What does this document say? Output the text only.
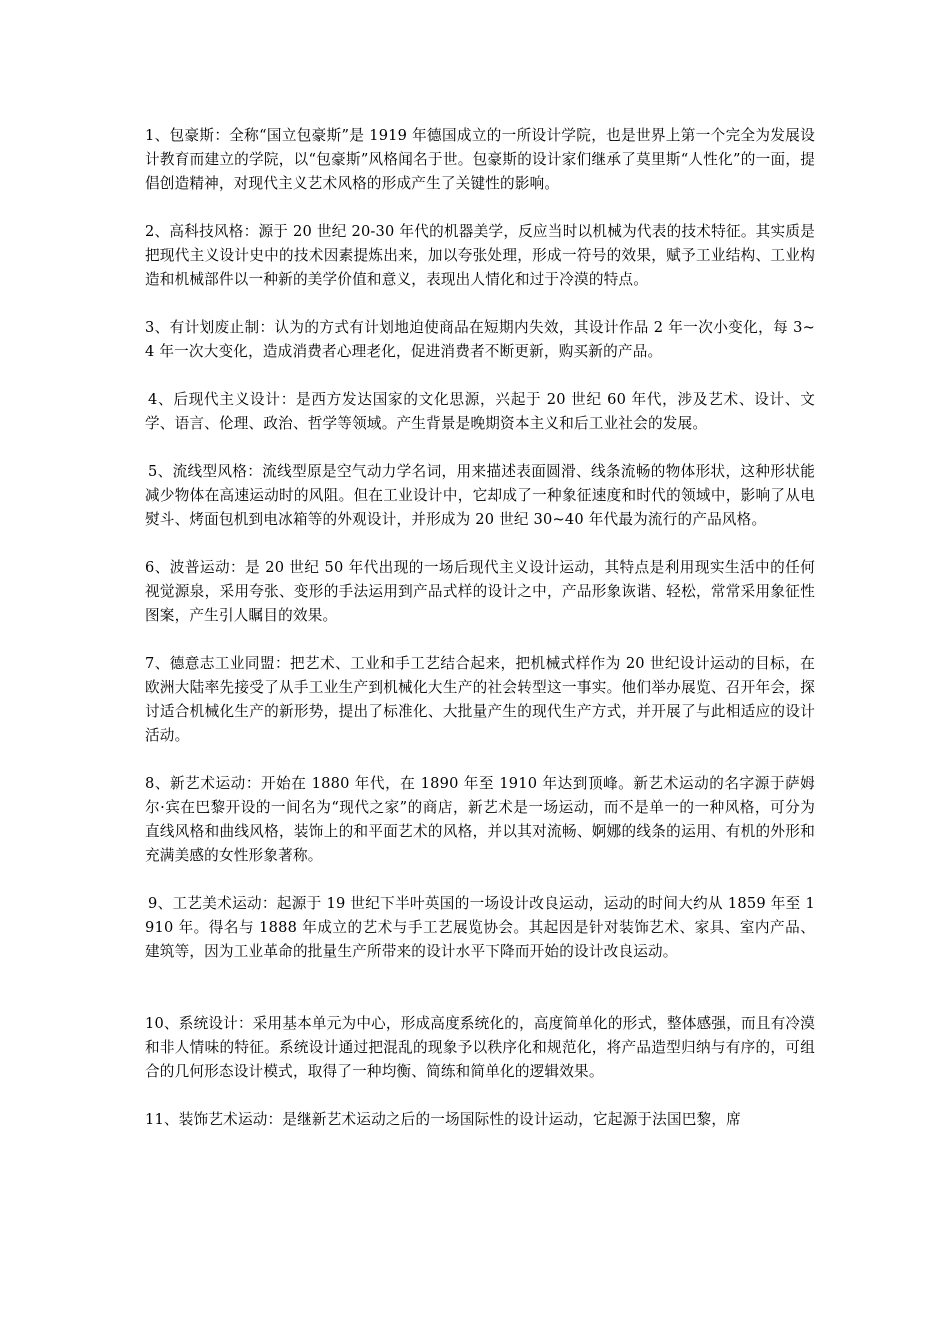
1、包豪斯：全称“国立包豪斯”是 1919 年德国成立的一所设计学院，也是世界上第一个完全为发展设计教育而建立的学院，以“包豪斯”风格闻名于世。包豪斯的设计家们继承了莫里斯“人性化”的一面，提倡创造精神，对现代主义艺术风格的形成产生了关键性的影响。

2、高科技风格：源于 20 世纪 20-30 年代的机器美学，反应当时以机械为代表的技术特征。其实质是把现代主义设计史中的技术因素提炼出来，加以夸张处理，形成一符号的效果，赋予工业结构、工业构造和机械部件以一种新的美学价值和意义，表现出人情化和过于冷漠的特点。

3、有计划废止制：认为的方式有计划地迫使商品在短期内失效，其设计作品 2 年一次小变化，每 3~4 年一次大变化，造成消费者心理老化，促进消费者不断更新，购买新的产品。

4、后现代主义设计：是西方发达国家的文化思源，兴起于 20 世纪 60 年代，涉及艺术、设计、文学、语言、伦理、政治、哲学等领域。产生背景是晚期资本主义和后工业社会的发展。

5、流线型风格：流线型原是空气动力学名词，用来描述表面圆滑、线条流畅的物体形状，这种形状能减少物体在高速运动时的风阻。但在工业设计中，它却成了一种象征速度和时代的领域中，影响了从电熨斗、烤面包机到电冰箱等的外观设计，并形成为 20 世纪 30~40 年代最为流行的产品风格。

6、波普运动：是 20 世纪 50 年代出现的一场后现代主义设计运动，其特点是利用现实生活中的任何视觉源泉，采用夸张、变形的手法运用到产品式样的设计之中，产品形象诙谐、轻松，常常采用象征性图案，产生引人瞩目的效果。

7、德意志工业同盟：把艺术、工业和手工艺结合起来，把机械式样作为 20 世纪设计运动的目标，在欧洲大陆率先接受了从手工业生产到机械化大生产的社会转型这一事实。他们举办展览、召开年会，探讨适合机械化生产的新形势，提出了标准化、大批量产生的现代生产方式，并开展了与此相适应的设计活动。

8、新艺术运动：开始在 1880 年代，在 1890 年至 1910 年达到顶峰。新艺术运动的名字源于萨姆尔·宾在巴黎开设的一间名为“现代之家”的商店，新艺术是一场运动，而不是单一的一种风格，可分为直线风格和曲线风格，装饰上的和平面艺术的风格，并以其对流畅、婀娜的线条的运用、有机的外形和充满美感的女性形象著称。

9、工艺美术运动：起源于 19 世纪下半叶英国的一场设计改良运动，运动的时间大约从 1859 年至 1910 年。得名与 1888 年成立的艺术与手工艺展览协会。其起因是针对装饰艺术、家具、室内产品、建筑等，因为工业革命的批量生产所带来的设计水平下降而开始的设计改良运动。

10、系统设计：采用基本单元为中心，形成高度系统化的，高度简单化的形式，整体感强，而且有冷漠和非人情味的特征。系统设计通过把混乱的现象予以秩序化和规范化，将产品造型归纳与有序的，可组合的几何形态设计模式，取得了一种均衡、简练和简单化的逻辑效果。

11、装饰艺术运动：是继新艺术运动之后的一场国际性的设计运动，它起源于法国巴黎，席
